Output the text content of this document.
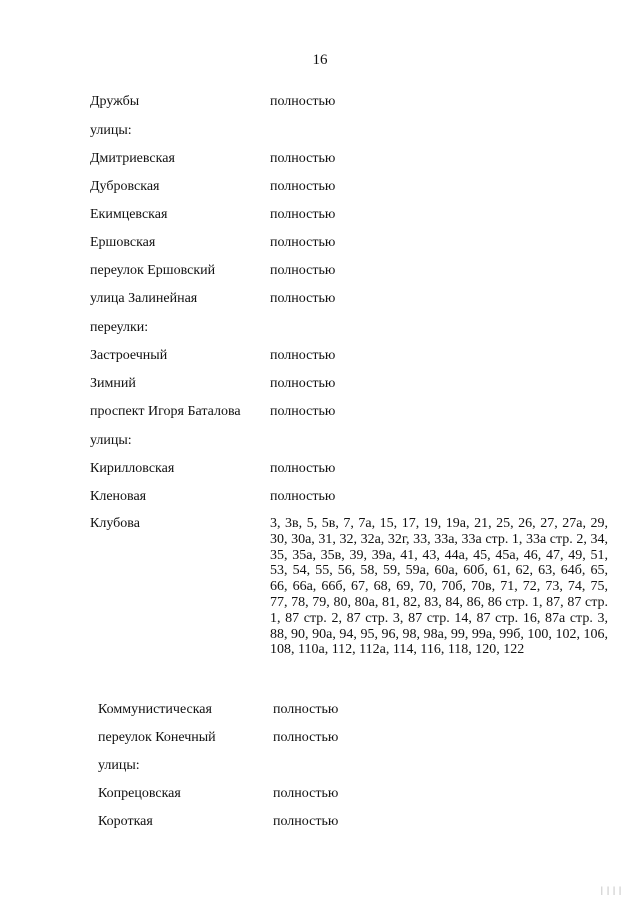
16
Дружбы	полностью
улицы:
Дмитриевская	полностью
Дубровская	полностью
Екимцевская	полностью
Ершовская	полностью
переулок Ершовский	полностью
улица Залинейная	полностью
переулки:
Застроечный	полностью
Зимний	полностью
проспект Игоря Баталова полностью
улицы:
Кирилловская	полностью
Кленовая	полностью
Клубова	3, 3в, 5, 5в, 7, 7а, 15, 17, 19, 19а, 21, 25, 26, 27, 27а, 29, 30, 30а, 31, 32, 32а, 32г, 33, 33а, 33а стр. 1, 33а стр. 2, 34, 35, 35а, 35в, 39, 39а, 41, 43, 44а, 45, 45а, 46, 47, 49, 51, 53, 54, 55, 56, 58, 59, 59а, 60а, 60б, 61, 62, 63, 64б, 65, 66, 66а, 66б, 67, 68, 69, 70, 70б, 70в, 71, 72, 73, 74, 75, 77, 78, 79, 80, 80а, 81, 82, 83, 84, 86, 86 стр. 1, 87, 87 стр. 1, 87 стр. 2, 87 стр. 3, 87 стр. 14, 87 стр. 16, 87а стр. 3, 88, 90, 90а, 94, 95, 96, 98, 98а, 99, 99а, 99б, 100, 102, 106, 108, 110а, 112, 112а, 114, 116, 118, 120, 122
Коммунистическая	полностью
переулок Конечный	полностью
улицы:
Копрецовская	полностью
Короткая	полностью
| | | |
